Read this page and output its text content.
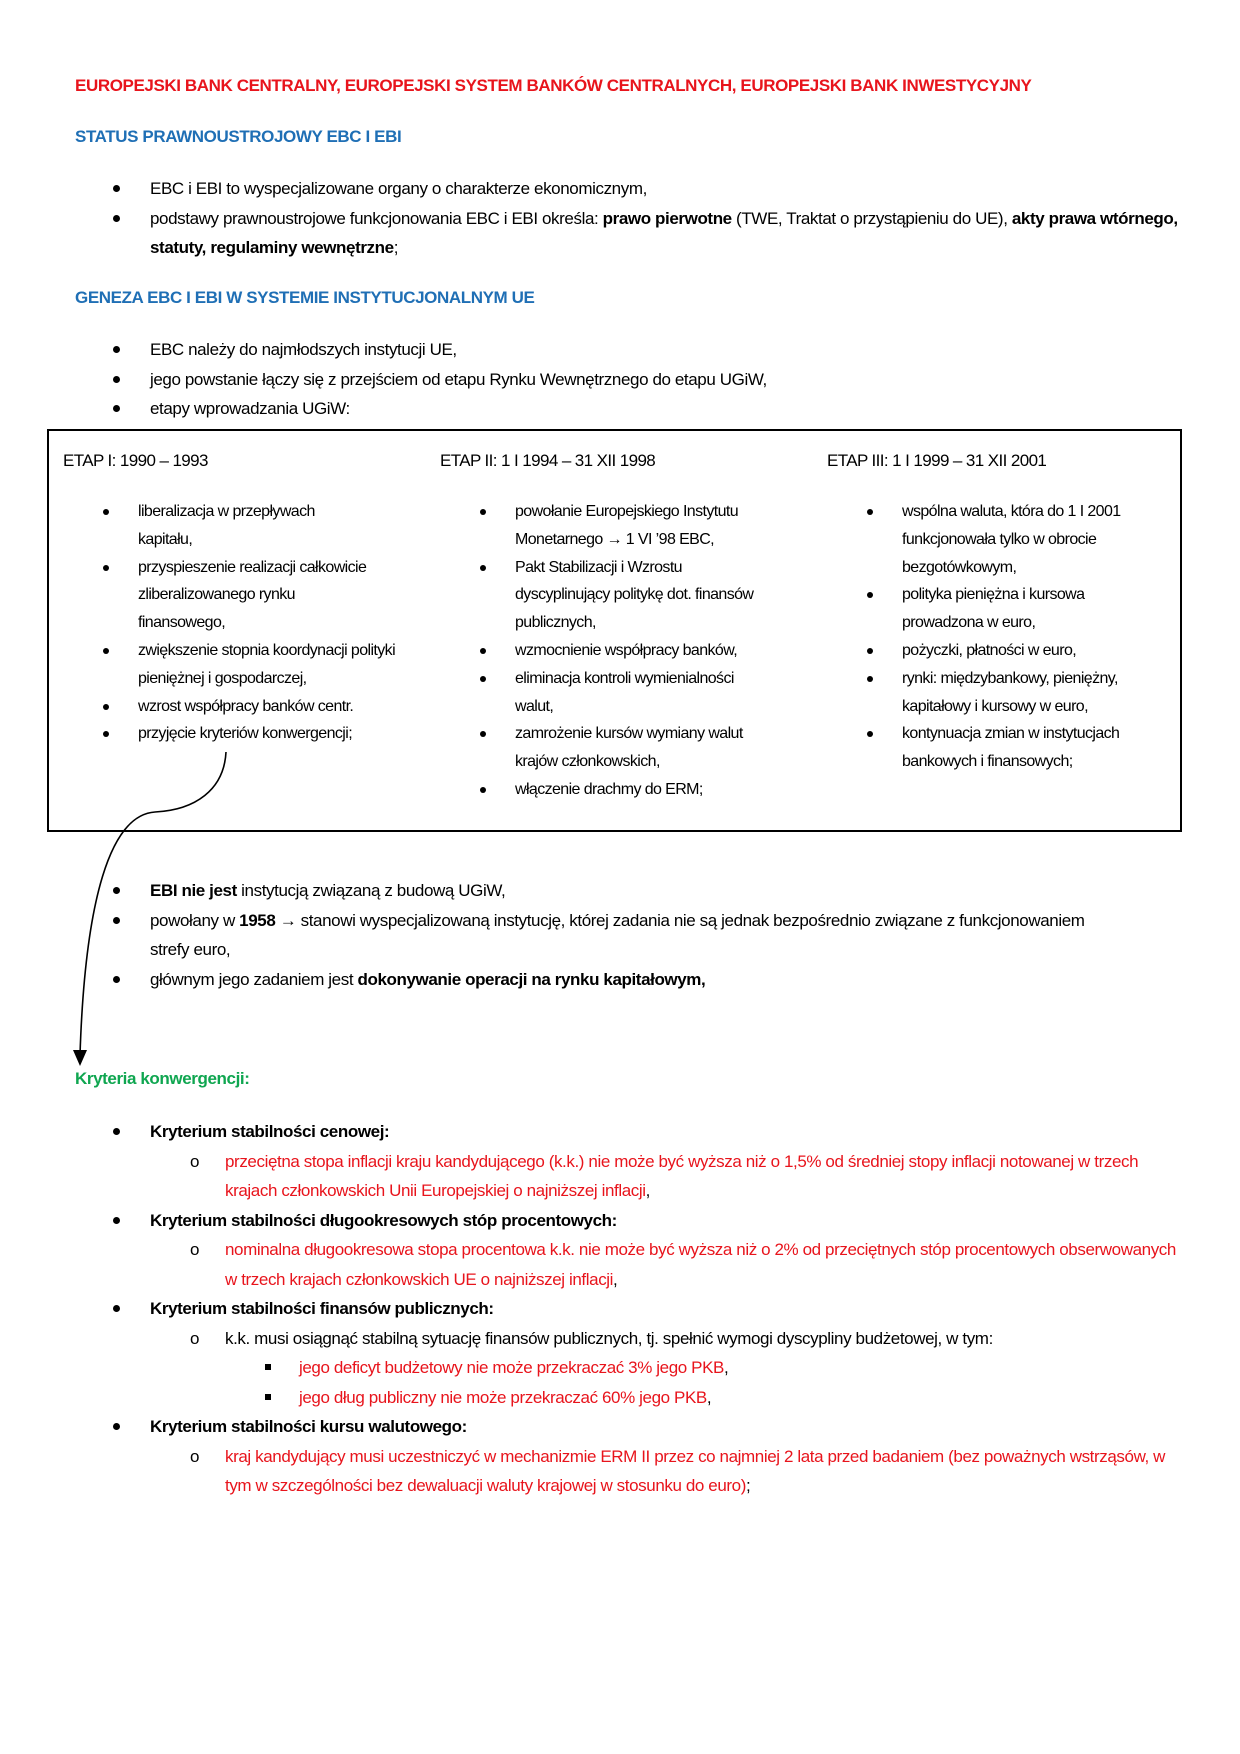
EUROPEJSKI BANK CENTRALNY, EUROPEJSKI SYSTEM BANKÓW CENTRALNYCH, EUROPEJSKI BANK INWESTYCYJNY
STATUS PRAWNOUSTROJOWY EBC I EBI
EBC i EBI to wyspecjalizowane organy o charakterze ekonomicznym,
podstawy prawnoustrojowe funkcjonowania EBC i EBI określa: prawo pierwotne (TWE, Traktat o przystąpieniu do UE), akty prawa wtórnego, statuty, regulaminy wewnętrzne;
GENEZA EBC I EBI W SYSTEMIE INSTYTUCJONALNYM UE
EBC należy do najmłodszych instytucji UE,
jego powstanie łączy się z przejściem od etapu Rynku Wewnętrznego do etapu UGiW,
etapy wprowadzania UGiW:
ETAP I: 1990 – 1993
liberalizacja w przepływach kapitału,
przyspieszenie realizacji całkowicie zliberalizowanego rynku finansowego,
zwiększenie stopnia koordynacji polityki pieniężnej i gospodarczej,
wzrost współpracy banków centr.
przyjęcie kryteriów konwergencji;
ETAP II: 1 I 1994 – 31 XII 1998
powołanie Europejskiego Instytutu Monetarnego → 1 VI ’98 EBC,
Pakt Stabilizacji i Wzrostu dyscyplinujący politykę dot. finansów publicznych,
wzmocnienie współpracy banków,
eliminacja kontroli wymienialności walut,
zamrożenie kursów wymiany walut krajów członkowskich,
włączenie drachmy do ERM;
ETAP III: 1 I 1999 – 31 XII 2001
wspólna waluta, która do 1 I 2001 funkcjonowała tylko w obrocie bezgotówkowym,
polityka pieniężna i kursowa prowadzona w euro,
pożyczki, płatności w euro,
rynki: międzybankowy, pieniężny, kapitałowy i kursowy w euro,
kontynuacja zmian w instytucjach bankowych i finansowych;
EBI nie jest instytucją związaną z budową UGiW,
powołany w 1958 → stanowi wyspecjalizowaną instytucję, której zadania nie są jednak bezpośrednio związane z funkcjonowaniem strefy euro,
głównym jego zadaniem jest dokonywanie operacji na rynku kapitałowym,
Kryteria konwergencji:
Kryterium stabilności cenowej:
o przeciętna stopa inflacji kraju kandydującego (k.k.) nie może być wyższa niż o 1,5% od średniej stopy inflacji notowanej w trzech krajach członkowskich Unii Europejskiej o najniższej inflacji,
Kryterium stabilności długookresowych stóp procentowych:
o nominalna długookresowa stopa procentowa k.k. nie może być wyższa niż o 2% od przeciętnych stóp procentowych obserwowanych w trzech krajach członkowskich UE o najniższej inflacji,
Kryterium stabilności finansów publicznych:
o k.k. musi osiągnąć stabilną sytuację finansów publicznych, tj. spełnić wymogi dyscypliny budżetowej, w tym:
jego deficyt budżetowy nie może przekraczać 3% jego PKB,
jego dług publiczny nie może przekraczać 60% jego PKB,
Kryterium stabilności kursu walutowego:
o kraj kandydujący musi uczestniczyć w mechanizmie ERM II przez co najmniej 2 lata przed badaniem (bez poważnych wstrząsów, w tym w szczególności bez dewaluacji waluty krajowej w stosunku do euro);
